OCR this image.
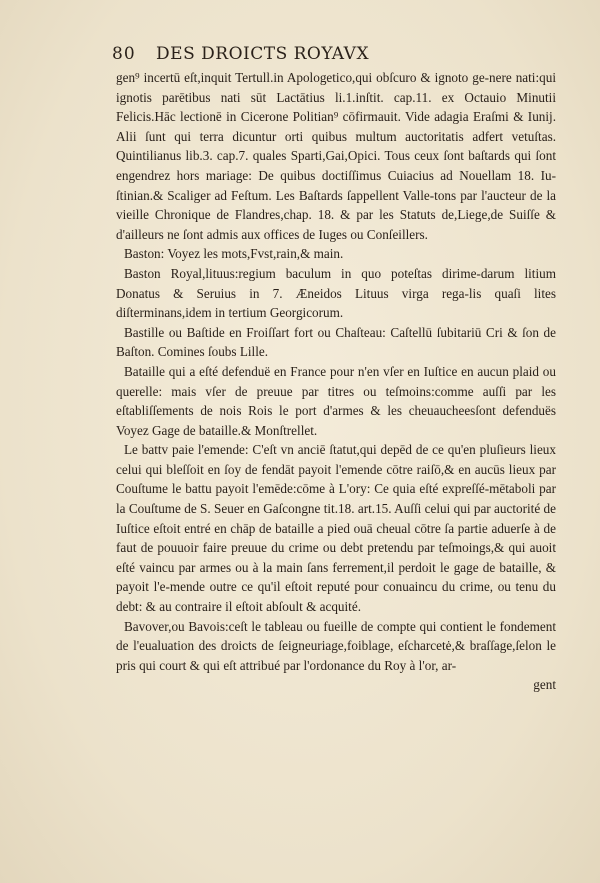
80 DES DROICTS ROYAVX

gen⁹ incertū eſt,inquit Tertull.in Apologetico,qui obſcuro & ignoto ge-nere nati:qui ignotis parētibus nati sūt Lactātius li.1.inſtit. cap.11. ex Octauio Minutii Felicis.Hāc lectionē in Cicerone Politian⁹ cōfirmauit. Vide adagia Eraſmi & Iunij. Alii ſunt qui terra dicuntur orti quibus multum auctoritatis adfert vetuſtas. Quintilianus lib.3. cap.7. quales Sparti,Gai,Opici. Tous ceux ſont baſtards qui ſont engendrez hors mariage: De quibus doctiſſimus Cuiacius ad Nouellam 18. Iu-ſtinian.& Scaliger ad Feſtum. Les Baſtards ſappellent Valle-tons par l'aucteur de la vieille Chronique de Flandres,chap. 18. & par les Statuts de,Liege,de Suiſſe & d'ailleurs ne ſont admis aux offices de Iuges ou Conſeillers.

Baston: Voyez les mots,Fvst,rain,& main.

Baston Royal,lituus:regium baculum in quo poteſtas dirime-darum litium Donatus & Seruius in 7. Æneidos Lituus virga rega-lis quaſi lites diſterminans,idem in tertium Georgicorum.

Bastille ou Baſtide en Froiſſart fort ou Chaſteau: Caſtellū ſubitariū Cri & ſon de Baſton. Comines ſoubs Lille.

Bataille qui a eſté defenduë en France pour n'en vſer en Iuſtice en aucun plaid ou querelle: mais vſer de preuue par titres ou teſmoins:comme auſſi par les eſtabliſſements de nois Rois le port d'armes & les cheuaucheesſont defenduës Voyez Gage de bataille.& Monſtrellet.

Le battv paie l'emende: C'eſt vn anciē ſtatut,qui depēd de ce qu'en pluſieurs lieux celui qui bleſſoit en ſoy de fendāt payoit l'emende cōtre raiſō,& en aucūs lieux par Couſtume le battu payoit l'emēde:cōme à L'ory: Ce quia eſté expreſſé-mētaboli par la Couſtume de S. Seuer en Gaſcongne tit.18. art.15. Auſſi celui qui par auctorité de Iuſtice eſtoit entré en chāp de bataille a pied ouā cheual cōtre ſa partie aduerſe à de faut de pouuoir faire preuue du crime ou debt pretendu par teſmoings,& qui auoit eſté vaincu par armes ou à la main ſans ferrement,il perdoit le gage de bataille, & payoit l'e-mende outre ce qu'il eſtoit reputé pour conuaincu du crime, ou tenu du debt: & au contraire il eſtoit abſoult & acquité.

Bavover,ou Bavois:ceſt le tableau ou fueille de compte qui contient le fondement de l'eualuation des droicts de ſeigneuriage,foiblage, eſcharcetė,& braſſage,ſelon le pris qui court & qui eſt attribué par l'ordonance du Roy à l'or, ar-

gent
